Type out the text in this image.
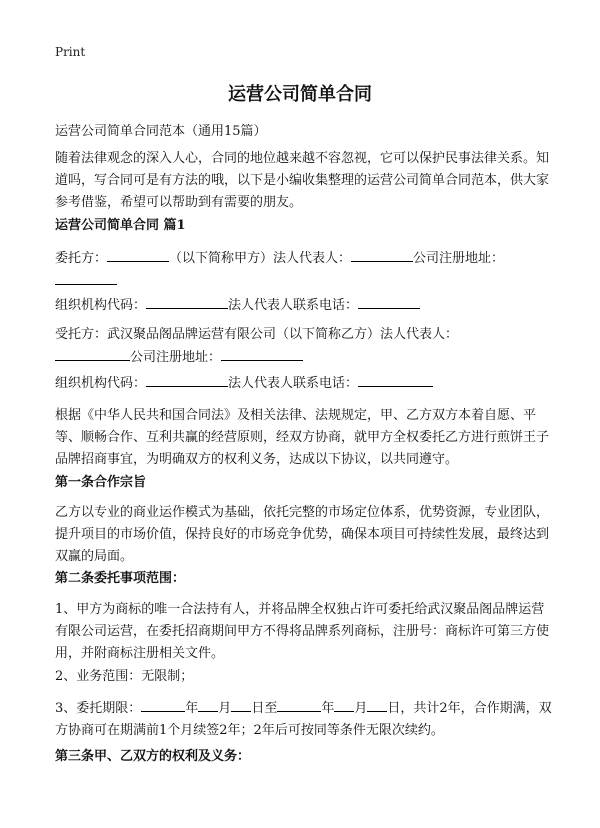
Print
运营公司简单合同

运营公司简单合同范本（通用15篇）

随着法律观念的深入人心，合同的地位越来越不容忽视，它可以保护民事法律关系。知道吗，写合同可是有方法的哦，以下是小编收集整理的运营公司简单合同范本，供大家参考借鉴，希望可以帮助到有需要的朋友。

运营公司简单合同 篇1

委托方：	（以下简称甲方）法人代表人：	公司注册地址：

组织机构代码：	法人代表人联系电话：

受托方：武汉聚品阁品牌运营有限公司（以下简称乙方）法人代表人：
公司注册地址：

组织机构代码：	法人代表人联系电话：

根据《中华人民共和国合同法》及相关法律、法规规定，甲、乙方双方本着自愿、平等、顺畅合作、互利共赢的经营原则，经双方协商，就甲方全权委托乙方进行煎饼王子品牌招商事宜，为明确双方的权利义务，达成以下协议，以共同遵守。

第一条合作宗旨

乙方以专业的商业运作模式为基础，依托完整的市场定位体系，优势资源，专业团队，提升项目的市场价值，保持良好的市场竞争优势，确保本项目可持续性发展，最终达到双赢的局面。

第二条委托事项范围：

1、甲方为商标的唯一合法持有人，并将品牌全权独占许可委托给武汉聚品阁品牌运营有限公司运营，在委托招商期间甲方不得将品牌系列商标，注册号：商标许可第三方使用，并附商标注册相关文件。

2、业务范围：无限制；

3、委托期限：	年 月 日至	年 月 日，共计2年，合作期满，双方协商可在期满前1个月续签2年；2年后可按同等条件无限次续约。

第三条甲、乙双方的权利及义务：
